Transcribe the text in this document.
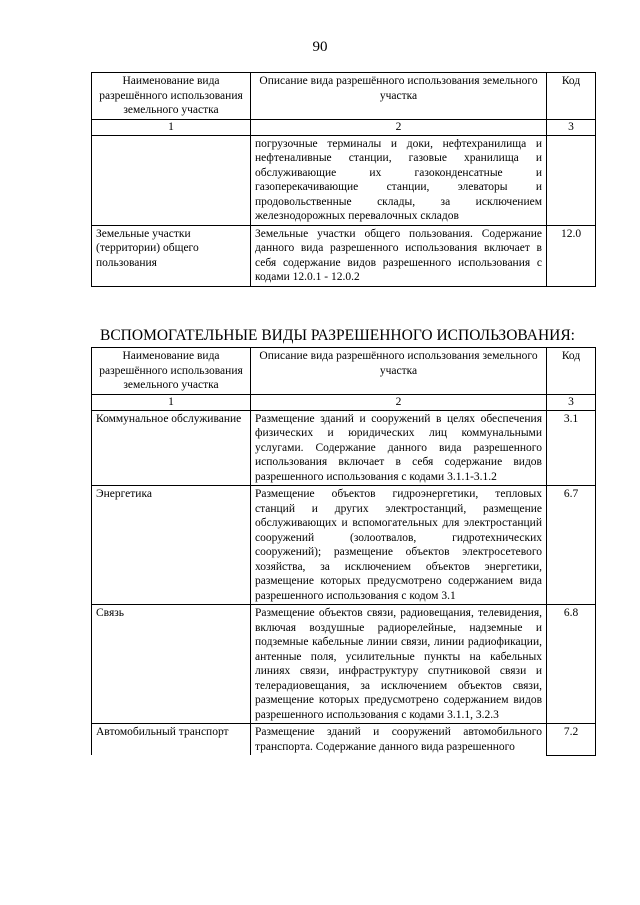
90
Наименование вида разрешённого использования земельного участка	Описание вида разрешённого использования земельного участка	Код
1	2	3
	погрузочные терминалы и доки, нефтехранилища и нефтеналивные станции, газовые хранилища и обслуживающие их газоконденсатные и газоперекачивающие станции, элеваторы и продовольственные склады, за исключением железнодорожных перевалочных складов	
Земельные участки (территории) общего пользования	Земельные участки общего пользования. Содержание данного вида разрешенного использования включает в себя содержание видов разрешенного использования с кодами 12.0.1 - 12.0.2	12.0
ВСПОМОГАТЕЛЬНЫЕ ВИДЫ РАЗРЕШЕННОГО ИСПОЛЬЗОВАНИЯ:
Наименование вида разрешённого использования земельного участка	Описание вида разрешённого использования земельного участка	Код
1	2	3
Коммунальное обслуживание	Размещение зданий и сооружений в целях обеспечения физических и юридических лиц коммунальными услугами. Содержание данного вида разрешенного использования включает в себя содержание видов разрешенного использования с кодами 3.1.1-3.1.2	3.1
Энергетика	Размещение объектов гидроэнергетики, тепловых станций и других электростанций, размещение обслуживающих и вспомогательных для электростанций сооружений (золоотвалов, гидротехнических сооружений); размещение объектов электросетевого хозяйства, за исключением объектов энергетики, размещение которых предусмотрено содержанием вида разрешенного использования с кодом 3.1	6.7
Связь	Размещение объектов связи, радиовещания, телевидения, включая воздушные радиорелейные, надземные и подземные кабельные линии связи, линии радиофикации, антенные поля, усилительные пункты на кабельных линиях связи, инфраструктуру спутниковой связи и телерадиовещания, за исключением объектов связи, размещение которых предусмотрено содержанием видов разрешенного использования с кодами 3.1.1, 3.2.3	6.8
Автомобильный транспорт	Размещение зданий и сооружений автомобильного транспорта. Содержание данного вида разрешенного	7.2
